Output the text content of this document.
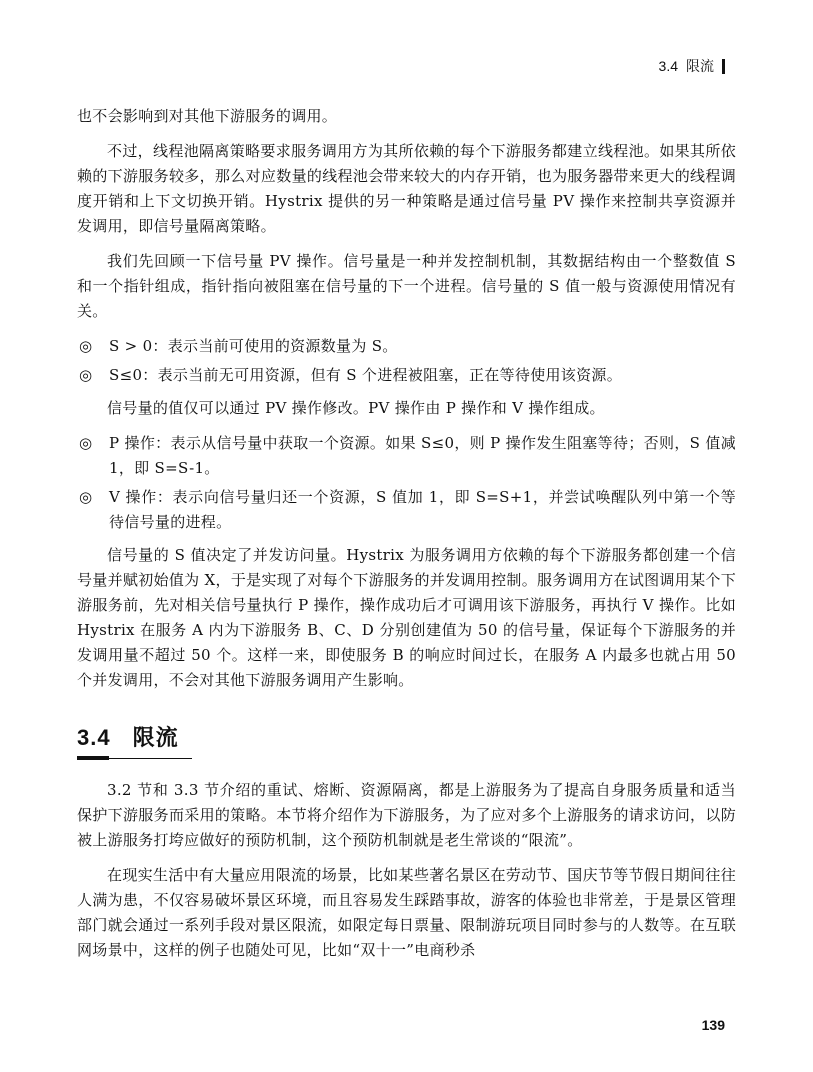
3.4 限流

也不会影响到对其他下游服务的调用。

不过，线程池隔离策略要求服务调用方为其所依赖的每个下游服务都建立线程池。如果其所依赖的下游服务较多，那么对应数量的线程池会带来较大的内存开销，也为服务器带来更大的线程调度开销和上下文切换开销。Hystrix 提供的另一种策略是通过信号量 PV 操作来控制共享资源并发调用，即信号量隔离策略。

我们先回顾一下信号量 PV 操作。信号量是一种并发控制机制，其数据结构由一个整数值 S 和一个指针组成，指针指向被阻塞在信号量的下一个进程。信号量的 S 值一般与资源使用情况有关。

◎	S > 0：表示当前可使用的资源数量为 S。
◎	S≤0：表示当前无可用资源，但有 S 个进程被阻塞，正在等待使用该资源。

信号量的值仅可以通过 PV 操作修改。PV 操作由 P 操作和 V 操作组成。

◎	P 操作：表示从信号量中获取一个资源。如果 S≤0，则 P 操作发生阻塞等待；否则，S 值减 1，即 S=S-1。
◎	V 操作：表示向信号量归还一个资源，S 值加 1，即 S=S+1，并尝试唤醒队列中第一个等待信号量的进程。

信号量的 S 值决定了并发访问量。Hystrix 为服务调用方依赖的每个下游服务都创建一个信号量并赋初始值为 X，于是实现了对每个下游服务的并发调用控制。服务调用方在试图调用某个下游服务前，先对相关信号量执行 P 操作，操作成功后才可调用该下游服务，再执行 V 操作。比如 Hystrix 在服务 A 内为下游服务 B、C、D 分别创建值为 50 的信号量，保证每个下游服务的并发调用量不超过 50 个。这样一来，即使服务 B 的响应时间过长，在服务 A 内最多也就占用 50 个并发调用，不会对其他下游服务调用产生影响。

3.4 限流

3.2 节和 3.3 节介绍的重试、熔断、资源隔离，都是上游服务为了提高自身服务质量和适当保护下游服务而采用的策略。本节将介绍作为下游服务，为了应对多个上游服务的请求访问，以防被上游服务打垮应做好的预防机制，这个预防机制就是老生常谈的“限流”。

在现实生活中有大量应用限流的场景，比如某些著名景区在劳动节、国庆节等节假日期间往往人满为患，不仅容易破坏景区环境，而且容易发生踩踏事故，游客的体验也非常差，于是景区管理部门就会通过一系列手段对景区限流，如限定每日票量、限制游玩项目同时参与的人数等。在互联网场景中，这样的例子也随处可见，比如“双十一”电商秒杀

139
